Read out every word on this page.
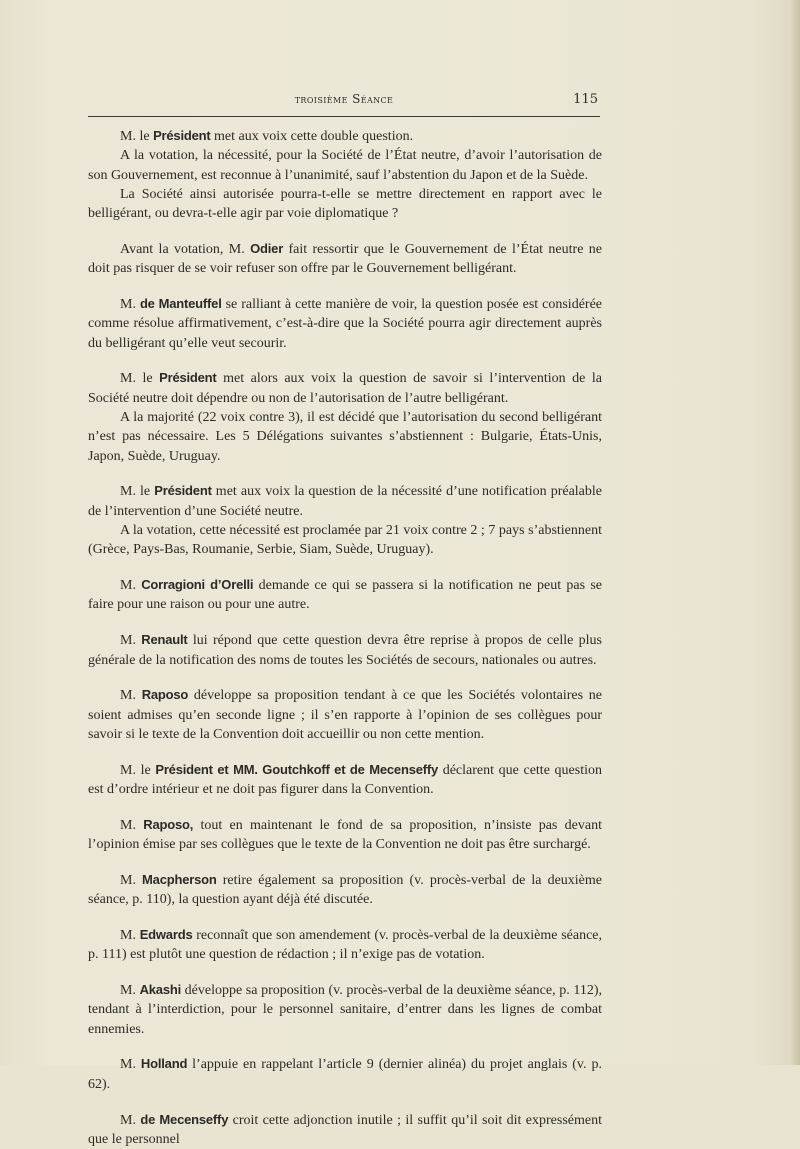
troisième Séance	115

M. le Président met aux voix cette double question.

A la votation, la nécessité, pour la Société de l’État neutre, d’avoir l’autorisation de son Gouvernement, est reconnue à l’unanimité, sauf l’abstention du Japon et de la Suède.

La Société ainsi autorisée pourra-t-elle se mettre directement en rapport avec le belligérant, ou devra-t-elle agir par voie diplomatique ?

Avant la votation, M. Odier fait ressortir que le Gouvernement de l’État neutre ne doit pas risquer de se voir refuser son offre par le Gouvernement belligérant.

M. de Manteuffel se ralliant à cette manière de voir, la question posée est considérée comme résolue affirmativement, c’est-à-dire que la Société pourra agir directement auprès du belligérant qu’elle veut secourir.

M. le Président met alors aux voix la question de savoir si l’intervention de la Société neutre doit dépendre ou non de l’autorisation de l’autre belligérant.

A la majorité (22 voix contre 3), il est décidé que l’autorisation du second belligérant n’est pas nécessaire. Les 5 Délégations suivantes s’abstiennent : Bulgarie, États-Unis, Japon, Suède, Uruguay.

M. le Président met aux voix la question de la nécessité d’une notification préalable de l’intervention d’une Société neutre.

A la votation, cette nécessité est proclamée par 21 voix contre 2 ; 7 pays s’abstiennent (Grèce, Pays-Bas, Roumanie, Serbie, Siam, Suède, Uruguay).

M. Corragioni d’Orelli demande ce qui se passera si la notification ne peut pas se faire pour une raison ou pour une autre.

M. Renault lui répond que cette question devra être reprise à propos de celle plus générale de la notification des noms de toutes les Sociétés de secours, nationales ou autres.

M. Raposo développe sa proposition tendant à ce que les Sociétés volontaires ne soient admises qu’en seconde ligne ; il s’en rapporte à l’opinion de ses collègues pour savoir si le texte de la Convention doit accueillir ou non cette mention.

M. le Président et MM. Goutchkoff et de Mecenseffy déclarent que cette question est d’ordre intérieur et ne doit pas figurer dans la Convention.

M. Raposo, tout en maintenant le fond de sa proposition, n’insiste pas devant l’opinion émise par ses collègues que le texte de la Convention ne doit pas être surchargé.

M. Macpherson retire également sa proposition (v. procès-verbal de la deuxième séance, p. 110), la question ayant déjà été discutée.

M. Edwards reconnaît que son amendement (v. procès-verbal de la deuxième séance, p. 111) est plutôt une question de rédaction ; il n’exige pas de votation.

M. Akashi développe sa proposition (v. procès-verbal de la deuxième séance, p. 112), tendant à l’interdiction, pour le personnel sanitaire, d’entrer dans les lignes de combat ennemies.

M. Holland l’appuie en rappelant l’article 9 (dernier alinéa) du projet anglais (v. p. 62).

M. de Mecenseffy croit cette adjonction inutile ; il suffit qu’il soit dit expressément que le personnel
